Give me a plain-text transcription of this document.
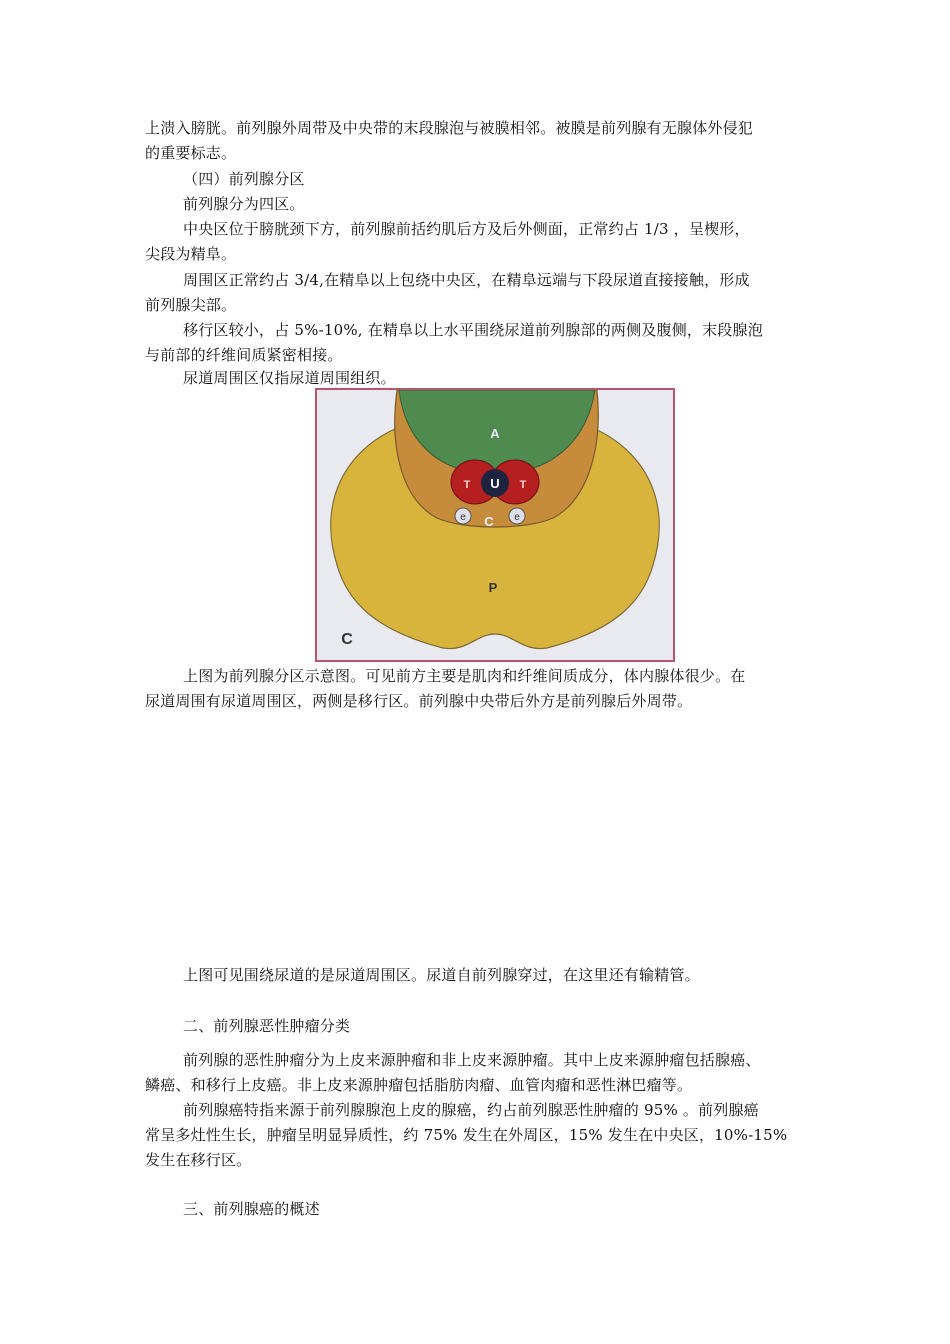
上溃入膀胱。前列腺外周带及中央带的末段腺泡与被膜相邻。被膜是前列腺有无腺体外侵犯
的重要标志。
（四）前列腺分区
前列腺分为四区。
中央区位于膀胱颈下方，前列腺前括约肌后方及后外侧面，正常约占 1/3 ，呈楔形，
尖段为精阜。
周围区正常约占 3/4,在精阜以上包绕中央区，在精阜远端与下段尿道直接接触，形成
前列腺尖部。
移行区较小，占 5%-10%, 在精阜以上水平围绕尿道前列腺部的两侧及腹侧，末段腺泡
与前部的纤维间质紧密相接。
尿道周围区仅指尿道周围组织。
A
T U T
e C e
P
C
上图为前列腺分区示意图。可见前方主要是肌肉和纤维间质成分，体内腺体很少。在
尿道周围有尿道周围区，两侧是移行区。前列腺中央带后外方是前列腺后外周带。
上图可见围绕尿道的是尿道周围区。尿道自前列腺穿过，在这里还有输精管。
二、前列腺恶性肿瘤分类
前列腺的恶性肿瘤分为上皮来源肿瘤和非上皮来源肿瘤。其中上皮来源肿瘤包括腺癌、
鳞癌、和移行上皮癌。非上皮来源肿瘤包括脂肪肉瘤、血管肉瘤和恶性淋巴瘤等。
前列腺癌特指来源于前列腺腺泡上皮的腺癌，约占前列腺恶性肿瘤的 95% 。前列腺癌
常呈多灶性生长，肿瘤呈明显异质性，约 75% 发生在外周区，15% 发生在中央区，10%-15%
发生在移行区。
三、前列腺癌的概述
